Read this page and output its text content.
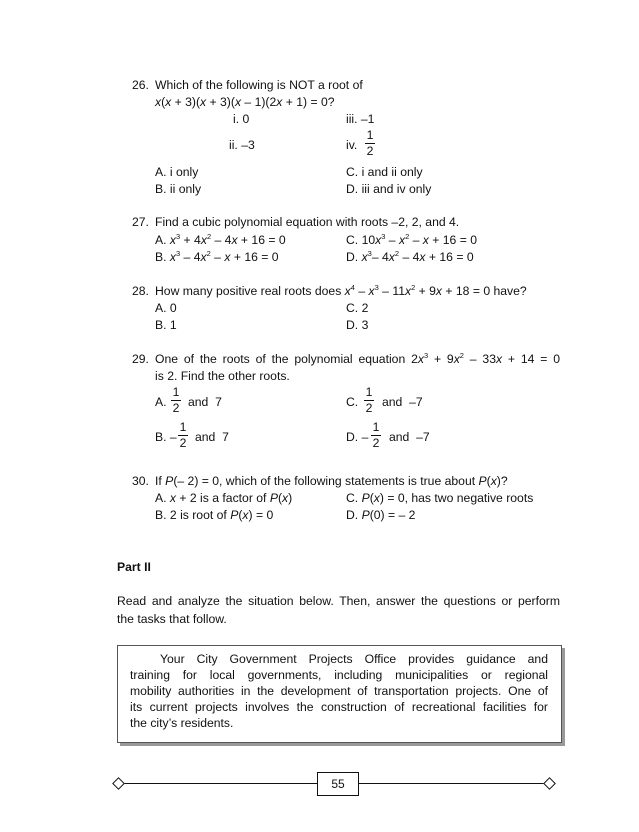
26. Which of the following is NOT a root of
x(x + 3)(x + 3)(x – 1)(2x + 1) = 0?
i. 0	iii. –1
ii. –3	iv.
1
2
A. i only	C. i and ii only
B. ii only	D. iii and iv only
27. Find a cubic polynomial equation with roots –2, 2, and 4.
A. $x^3 + 4x^2 - 4x + 16 = 0$	C. $10x^3 - x^2 - x + 16 = 0$
B. $x^3 - 4x^2 - x + 16 = 0$	D. $x^3-$ $4x^2 - 4x + 16 = 0$
28. How many positive real roots does $x^4 - x^3 - 11x^2 + 9x + 18 = 0$ have?
A. 0	C. 2
B. 1	D. 3
29. One of the roots of the polynomial equation $2x^3 + 9x^2 - 33x + 14 = 0$
is 2. Find the other roots.
A.
1
2 and  7	C.
1
2 and  –7
B. –
1
2 and  7	D. –
1
2 and  –7
30. If P(– 2) = 0, which of the following statements is true about P(x)?
A. x + 2 is a factor of P(x)	C. P(x) = 0, has two negative roots
B. 2 is root of P(x) = 0	D. P(0) = – 2
Part II
Read and analyze the situation below. Then, answer the questions or perform
the tasks that follow.
Your City Government Projects Office provides guidance and
training for local governments, including municipalities or regional
mobility authorities in the development of transportation projects. One of
its current projects involves the construction of recreational facilities for
the city’s residents.
55
